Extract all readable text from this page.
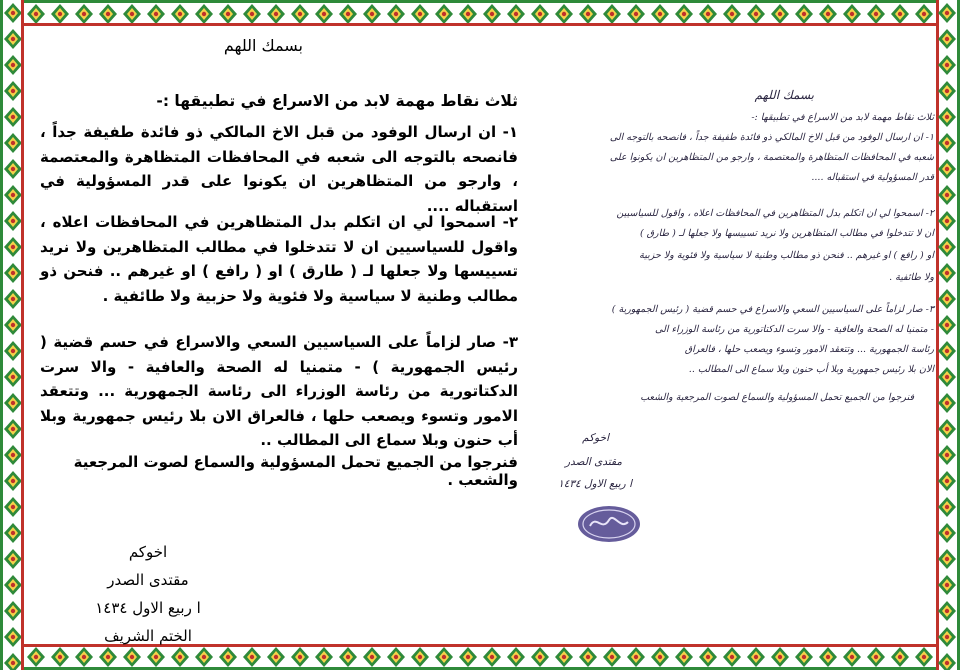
بسمك اللهم
ثلاث نقاط مهمة لابد من الاسراع في تطبيقها :-
١- ان ارسال الوفود من قبل الاخ المالكي ذو فائدة طفيفة جداً ، فانصحه بالتوجه الى شعبه في المحافظات المتظاهرة والمعتصمة ، وارجو من المتظاهرين ان يكونوا على قدر المسؤولية في استقباله ....
٢- اسمحوا لي ان اتكلم بدل المتظاهرين في المحافظات اعلاه ، واقول للسياسيين ان لا تتدخلوا في مطالب المتظاهرين ولا نريد تسييسها ولا جعلها لـ ( طارق ) او ( رافع ) او غيرهم .. فنحن ذو مطالب وطنية لا سياسية ولا فئوية ولا حزبية ولا طائفية .
٣- صار لزاماً على السياسيين السعي والاسراع في حسم قضية ( رئيس الجمهورية ) - متمنيا له الصحة والعافية - والا سرت الدكتاتورية من رئاسة الوزراء الى رئاسة الجمهورية ... وتتعقد الامور وتسوء ويصعب حلها ، فالعراق الان بلا رئيس جمهورية وبلا أب حنون وبلا سماع الى المطالب ..
فنرجوا من الجميع تحمل المسؤولية والسماع لصوت المرجعية والشعب .
اخوكم
مقتدى الصدر
ا ربيع الاول ١٤٣٤
الختم الشريف
بسمك اللهم
ثلاث نقاط مهمة لابد من الاسراع في تطبيقها :-
١- ان ارسال الوفود من قبل الاخ المالكي ذو فائدة طفيفة جداً ، فانصحه بالتوجه الى
شعبه في المحافظات المتظاهرة والمعتصمة ، وارجو من المتظاهرين ان يكونوا على
قدر المسؤولية في استقباله ....
٢- اسمحوا لي ان اتكلم بدل المتظاهرين في المحافظات اعلاه ، واقول للسياسيين
ان لا تتدخلوا في مطالب المتظاهرين ولا نريد تسييسها ولا جعلها لـ ( طارق )
او ( رافع ) او غيرهم .. فنحن ذو مطالب وطنية لا سياسية ولا فئوية ولا حزبية
ولا طائفية .
٣- صار لزاماً على السياسيين السعي والاسراع في حسم قضية ( رئيس الجمهورية )
- متمنيا له الصحة والعافية - والا سرت الدكتاتورية من رئاسة الوزراء الى
رئاسة الجمهورية ... وتتعقد الامور وتسوء ويصعب حلها ، فالعراق
الان بلا رئيس جمهورية وبلا أب حنون وبلا سماع الى المطالب ..
فنرجوا من الجميع تحمل المسؤولية والسماع لصوت المرجعية والشعب
اخوكم
مقتدى الصدر
ا ربيع الاول ١٤٣٤
